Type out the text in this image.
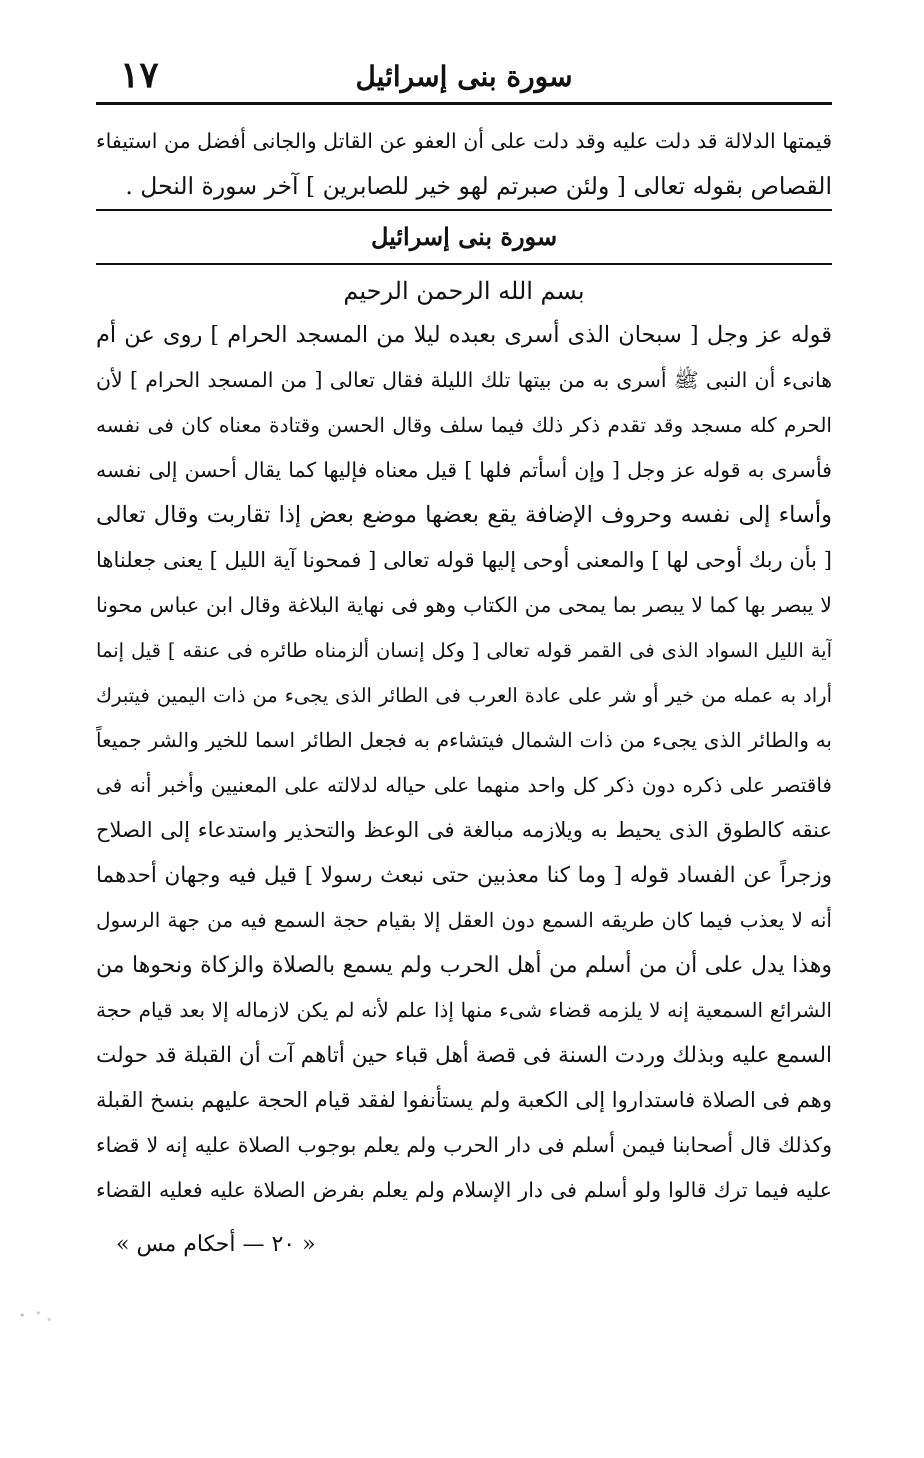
سورة بنى إسرائيل
١٧
قيمتها الدلالة قد دلت عليه وقد دلت على أن العفو عن القاتل والجانى أفضل من استيفاء
القصاص بقوله تعالى [ ولئن صبرتم لهو خير للصابرين ] آخر سورة النحل .
سورة بنى إسرائيل
بسم الله الرحمن الرحيم
قوله عز وجل [ سبحان الذى أسرى بعبده ليلا من المسجد الحرام ] روى عن أم
هانىء أن النبى ﷺ أسرى به من بيتها تلك الليلة فقال تعالى [ من المسجد الحرام ] لأن
الحرم كله مسجد وقد تقدم ذكر ذلك فيما سلف وقال الحسن وقتادة معناه كان فى نفسه
فأسرى به قوله عز وجل [ وإن أسأتم فلها ] قيل معناه فإليها كما يقال أحسن إلى نفسه
وأساء إلى نفسه وحروف الإضافة يقع بعضها موضع بعض إذا تقاربت وقال تعالى
[ بأن ربك أوحى لها ] والمعنى أوحى إليها قوله تعالى [ فمحونا آية الليل ] يعنى جعلناها
لا يبصر بها كما لا يبصر بما يمحى من الكتاب وهو فى نهاية البلاغة وقال ابن عباس محونا
آية الليل السواد الذى فى القمر قوله تعالى [ وكل إنسان ألزمناه طائره فى عنقه ] قيل إنما
أراد به عمله من خير أو شر على عادة العرب فى الطائر الذى يجىء من ذات اليمين فيتبرك
به والطائر الذى يجىء من ذات الشمال فيتشاءم به فجعل الطائر اسما للخير والشر جميعاً
فاقتصر على ذكره دون ذكر كل واحد منهما على حياله لدلالته على المعنيين وأخبر أنه فى
عنقه كالطوق الذى يحيط به ويلازمه مبالغة فى الوعظ والتحذير واستدعاء إلى الصلاح
وزجراً عن الفساد قوله [ وما كنا معذبين حتى نبعث رسولا ] قيل فيه وجهان أحدهما
أنه لا يعذب فيما كان طريقه السمع دون العقل إلا بقيام حجة السمع فيه من جهة الرسول
وهذا يدل على أن من أسلم من أهل الحرب ولم يسمع بالصلاة والزكاة ونحوها من
الشرائع السمعية إنه لا يلزمه قضاء شىء منها إذا علم لأنه لم يكن لازماله إلا بعد قيام حجة
السمع عليه وبذلك وردت السنة فى قصة أهل قباء حين أتاهم آت أن القبلة قد حولت
وهم فى الصلاة فاستداروا إلى الكعبة ولم يستأنفوا لفقد قيام الحجة عليهم بنسخ القبلة
وكذلك قال أصحابنا فيمن أسلم فى دار الحرب ولم يعلم بوجوب الصلاة عليه إنه لا قضاء
عليه فيما ترك قالوا ولو أسلم فى دار الإسلام ولم يعلم بفرض الصلاة عليه فعليه القضاء
« ٢٠ — أحكام مس »
